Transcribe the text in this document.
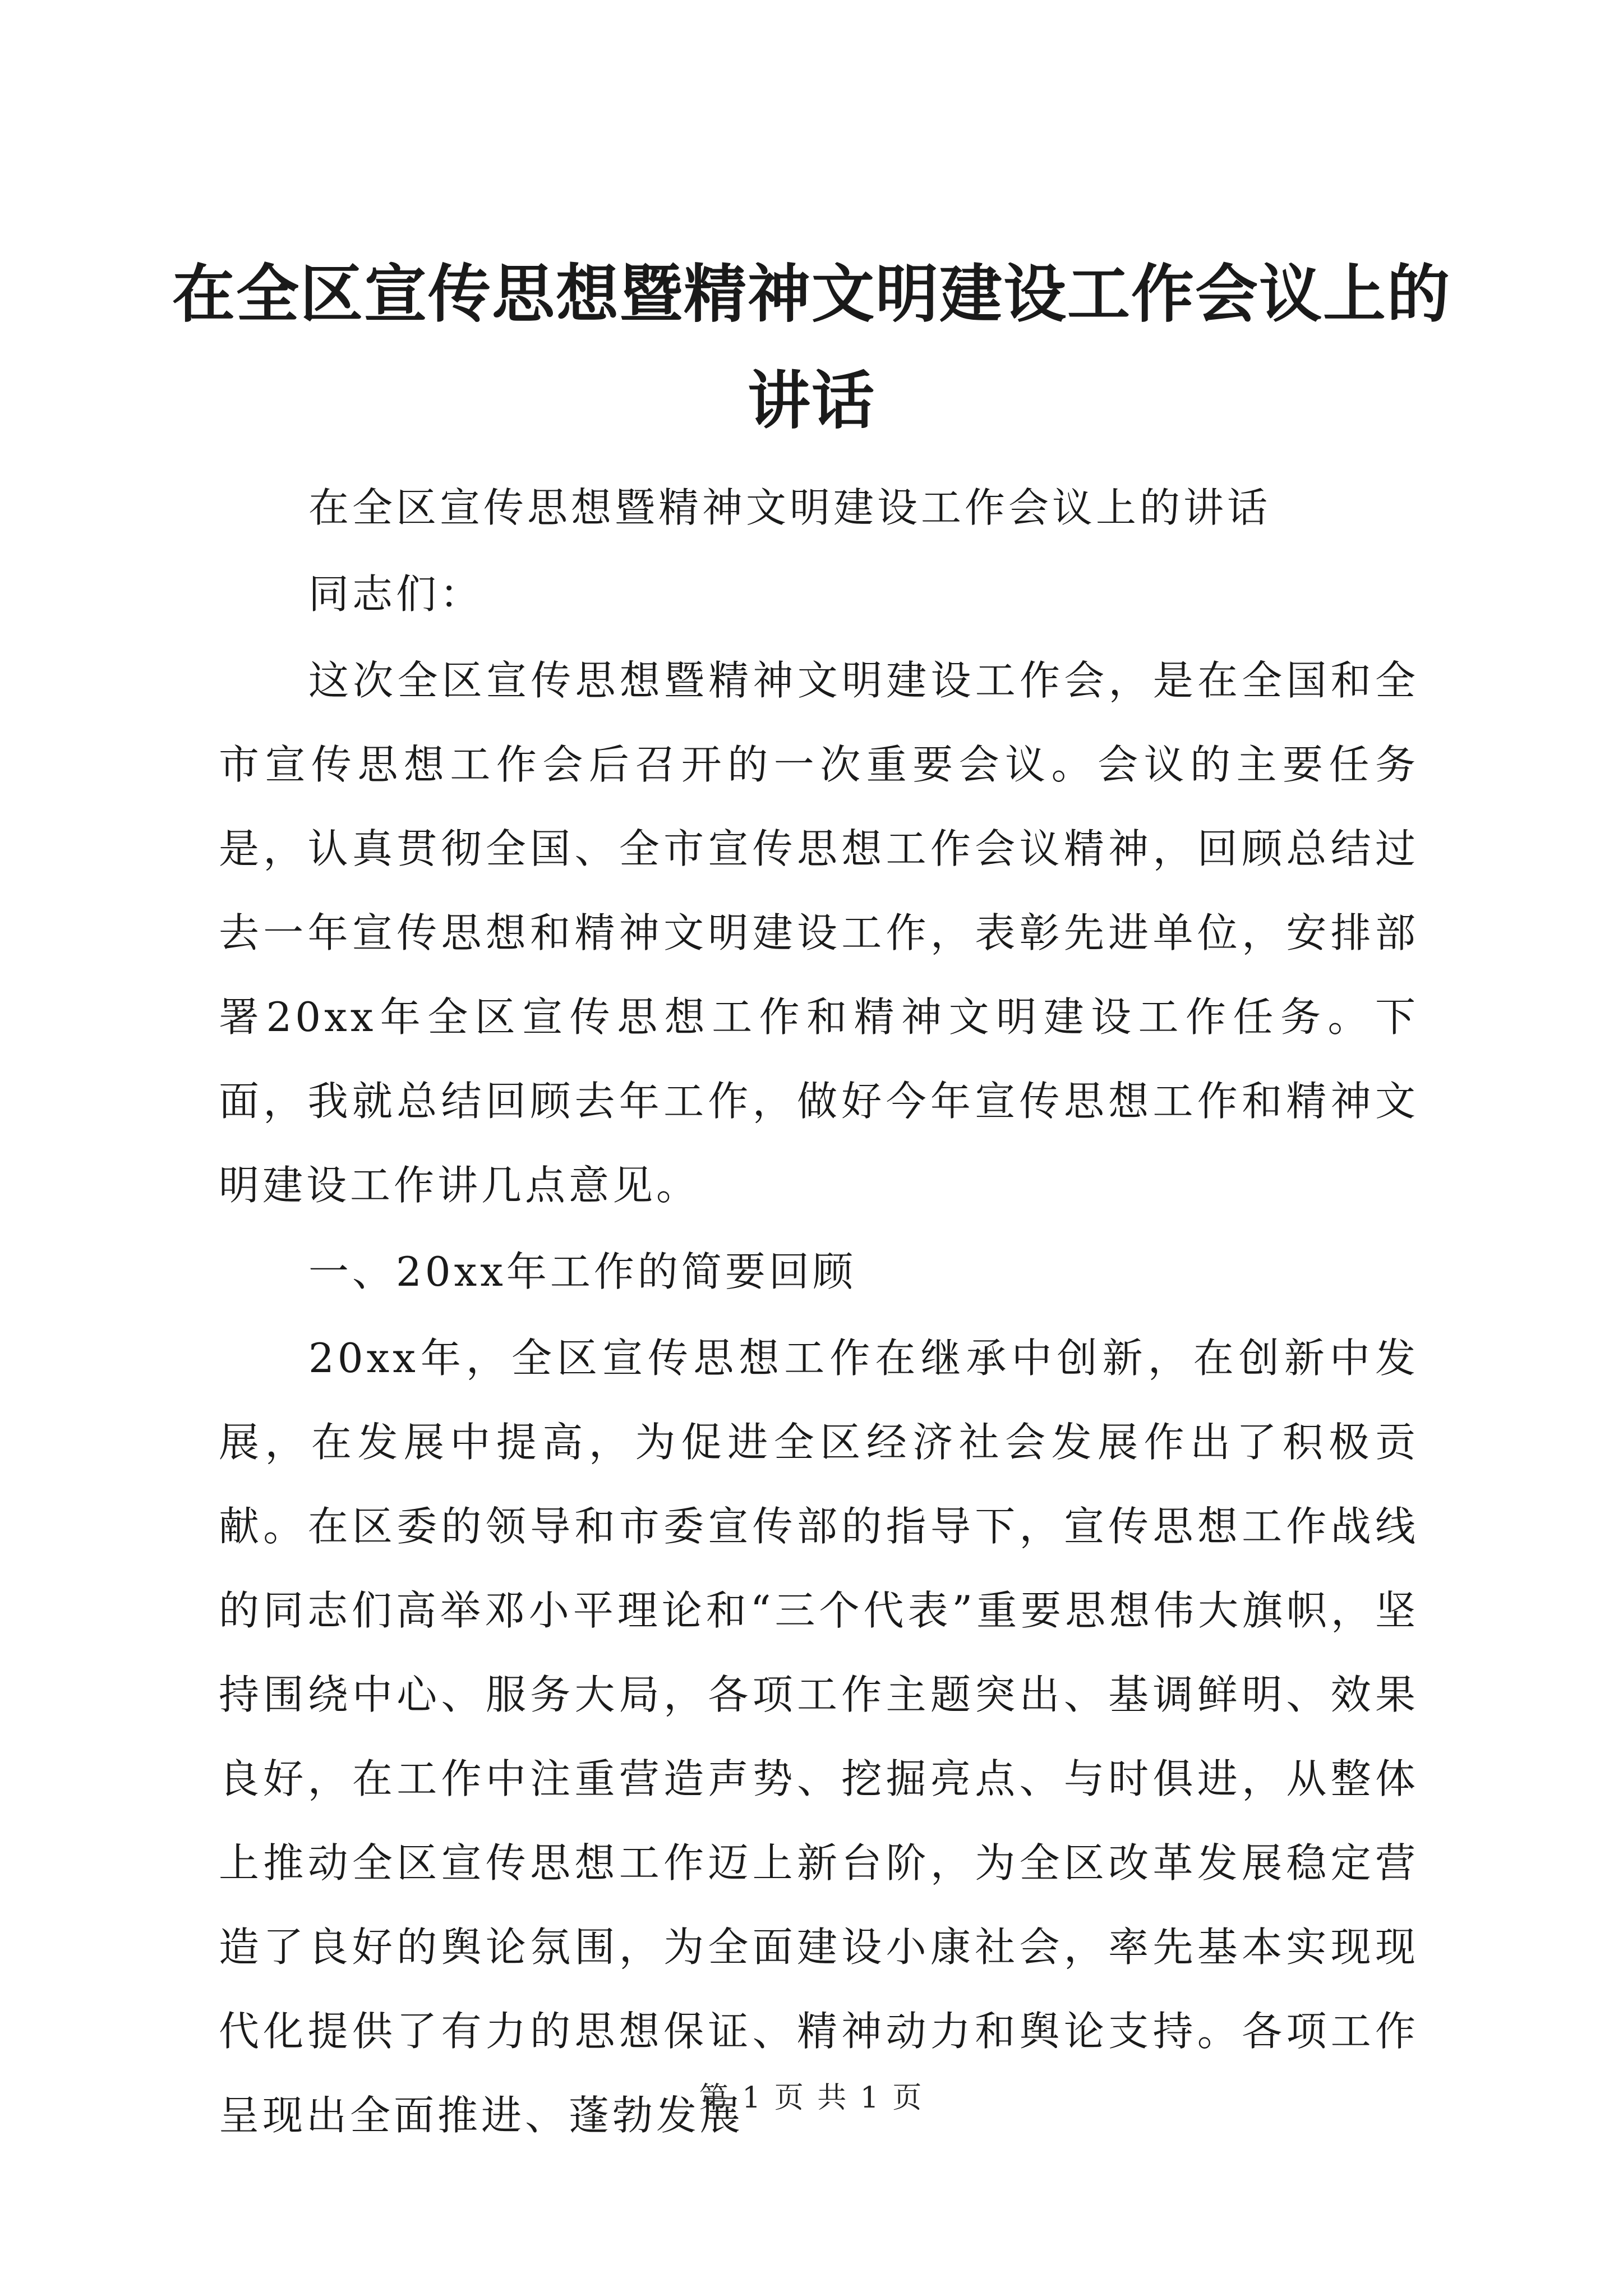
在全区宣传思想暨精神文明建设工作会议上的讲话

在全区宣传思想暨精神文明建设工作会议上的讲话

同志们：

这次全区宣传思想暨精神文明建设工作会，是在全国和全市宣传思想工作会后召开的一次重要会议。会议的主要任务是，认真贯彻全国、全市宣传思想工作会议精神，回顾总结过去一年宣传思想和精神文明建设工作，表彰先进单位，安排部署20xx年全区宣传思想工作和精神文明建设工作任务。下面，我就总结回顾去年工作，做好今年宣传思想工作和精神文明建设工作讲几点意见。

一、20xx年工作的简要回顾

20xx年，全区宣传思想工作在继承中创新，在创新中发展，在发展中提高，为促进全区经济社会发展作出了积极贡献。在区委的领导和市委宣传部的指导下，宣传思想工作战线的同志们高举邓小平理论和“三个代表”重要思想伟大旗帜，坚持围绕中心、服务大局，各项工作主题突出、基调鲜明、效果良好，在工作中注重营造声势、挖掘亮点、与时俱进，从整体上推动全区宣传思想工作迈上新台阶，为全区改革发展稳定营造了良好的舆论氛围，为全面建设小康社会，率先基本实现现代化提供了有力的思想保证、精神动力和舆论支持。各项工作呈现出全面推进、蓬勃发展

第 1 页 共 1 页
